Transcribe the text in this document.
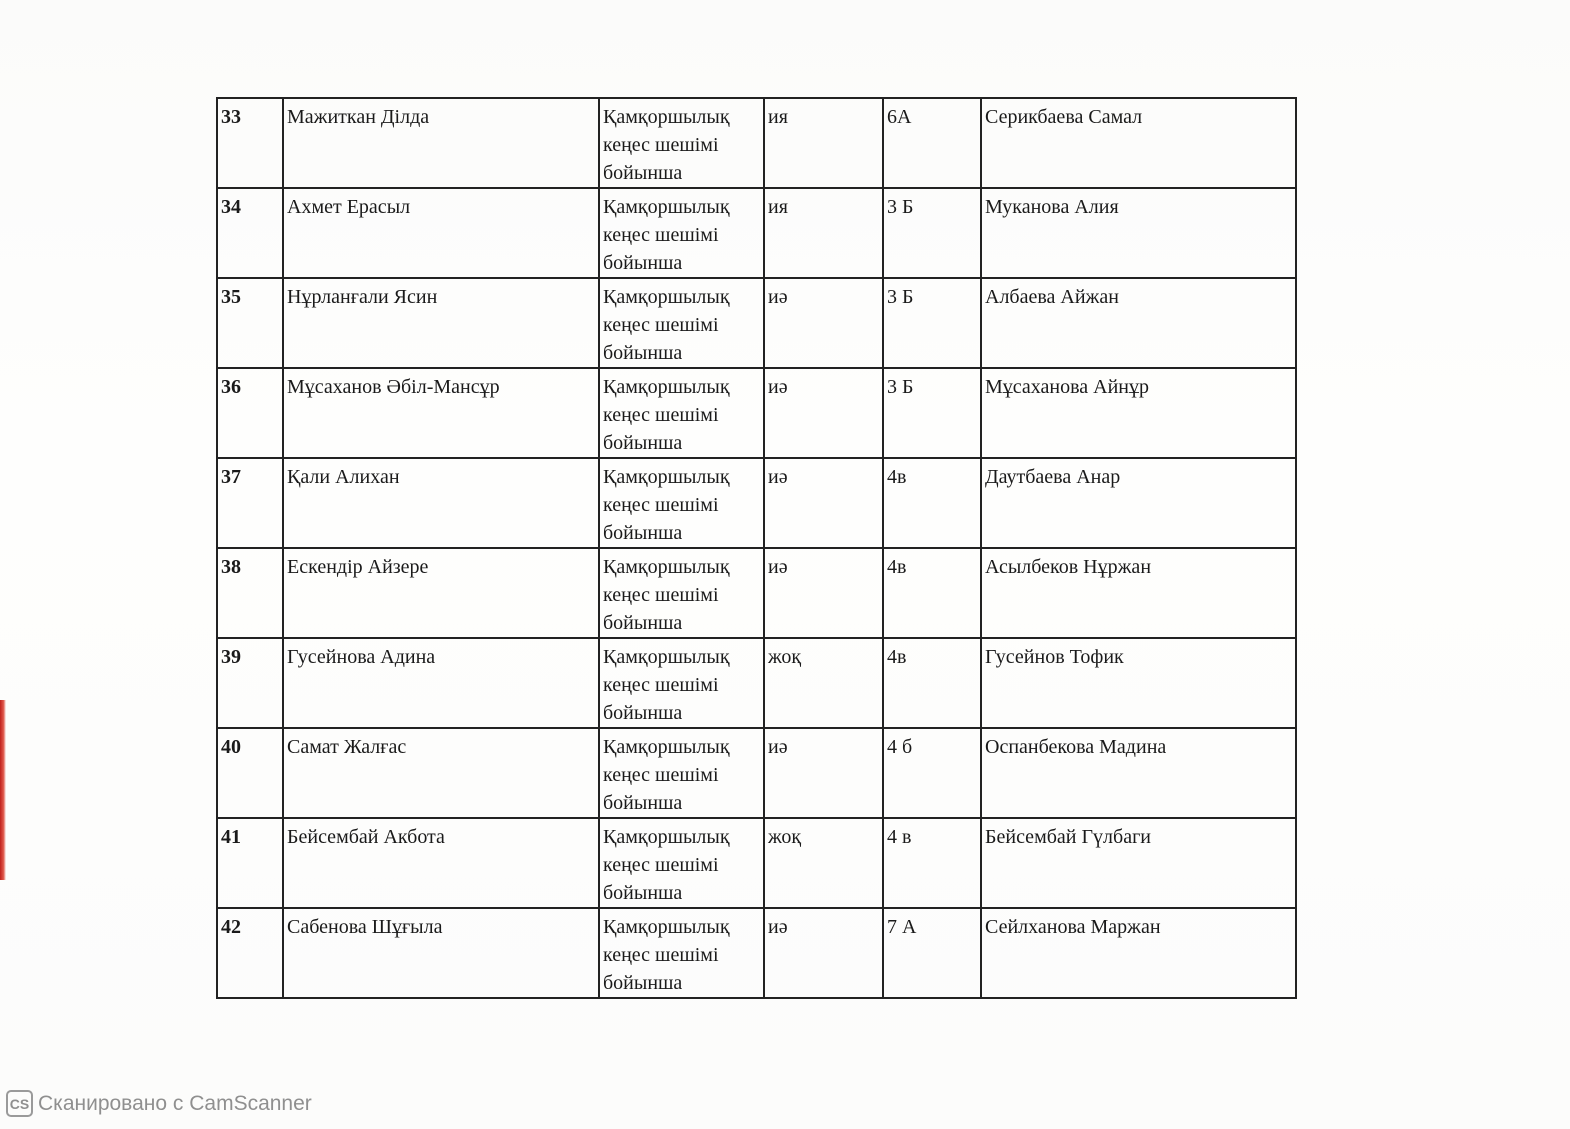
33	Мажиткан Ділда	Қамқоршылық
кеңес шешімі
бойынша	ия	6А	Серикбаева Самал
34	Ахмет Ерасыл	Қамқоршылық
кеңес шешімі
бойынша	ия	3 Б	Муканова Алия
35	Нұрланғали Ясин	Қамқоршылық
кеңес шешімі
бойынша	иә	3 Б	Албаева Айжан
36	Мұсаханов Әбіл-Мансұр	Қамқоршылық
кеңес шешімі
бойынша	иә	3 Б	Мұсаханова Айнұр
37	Қали Алихан	Қамқоршылық
кеңес шешімі
бойынша	иә	4в	Даутбаева Анар
38	Ескендір Айзере	Қамқоршылық
кеңес шешімі
бойынша	иә	4в	Асылбеков Нұржан
39	Гусейнова Адина	Қамқоршылық
кеңес шешімі
бойынша	жоқ	4в	Гусейнов Тофик
40	Самат Жалғас	Қамқоршылық
кеңес шешімі
бойынша	иә	4 б	Оспанбекова Мадина
41	Бейсембай Акбота	Қамқоршылық
кеңес шешімі
бойынша	жоқ	4 в	Бейсембай Гүлбаги
42	Сабенова Шұғыла	Қамқоршылық
кеңес шешімі
бойынша	иә	7 А	Сейлханова Маржан
CS Сканировано с CamScanner
